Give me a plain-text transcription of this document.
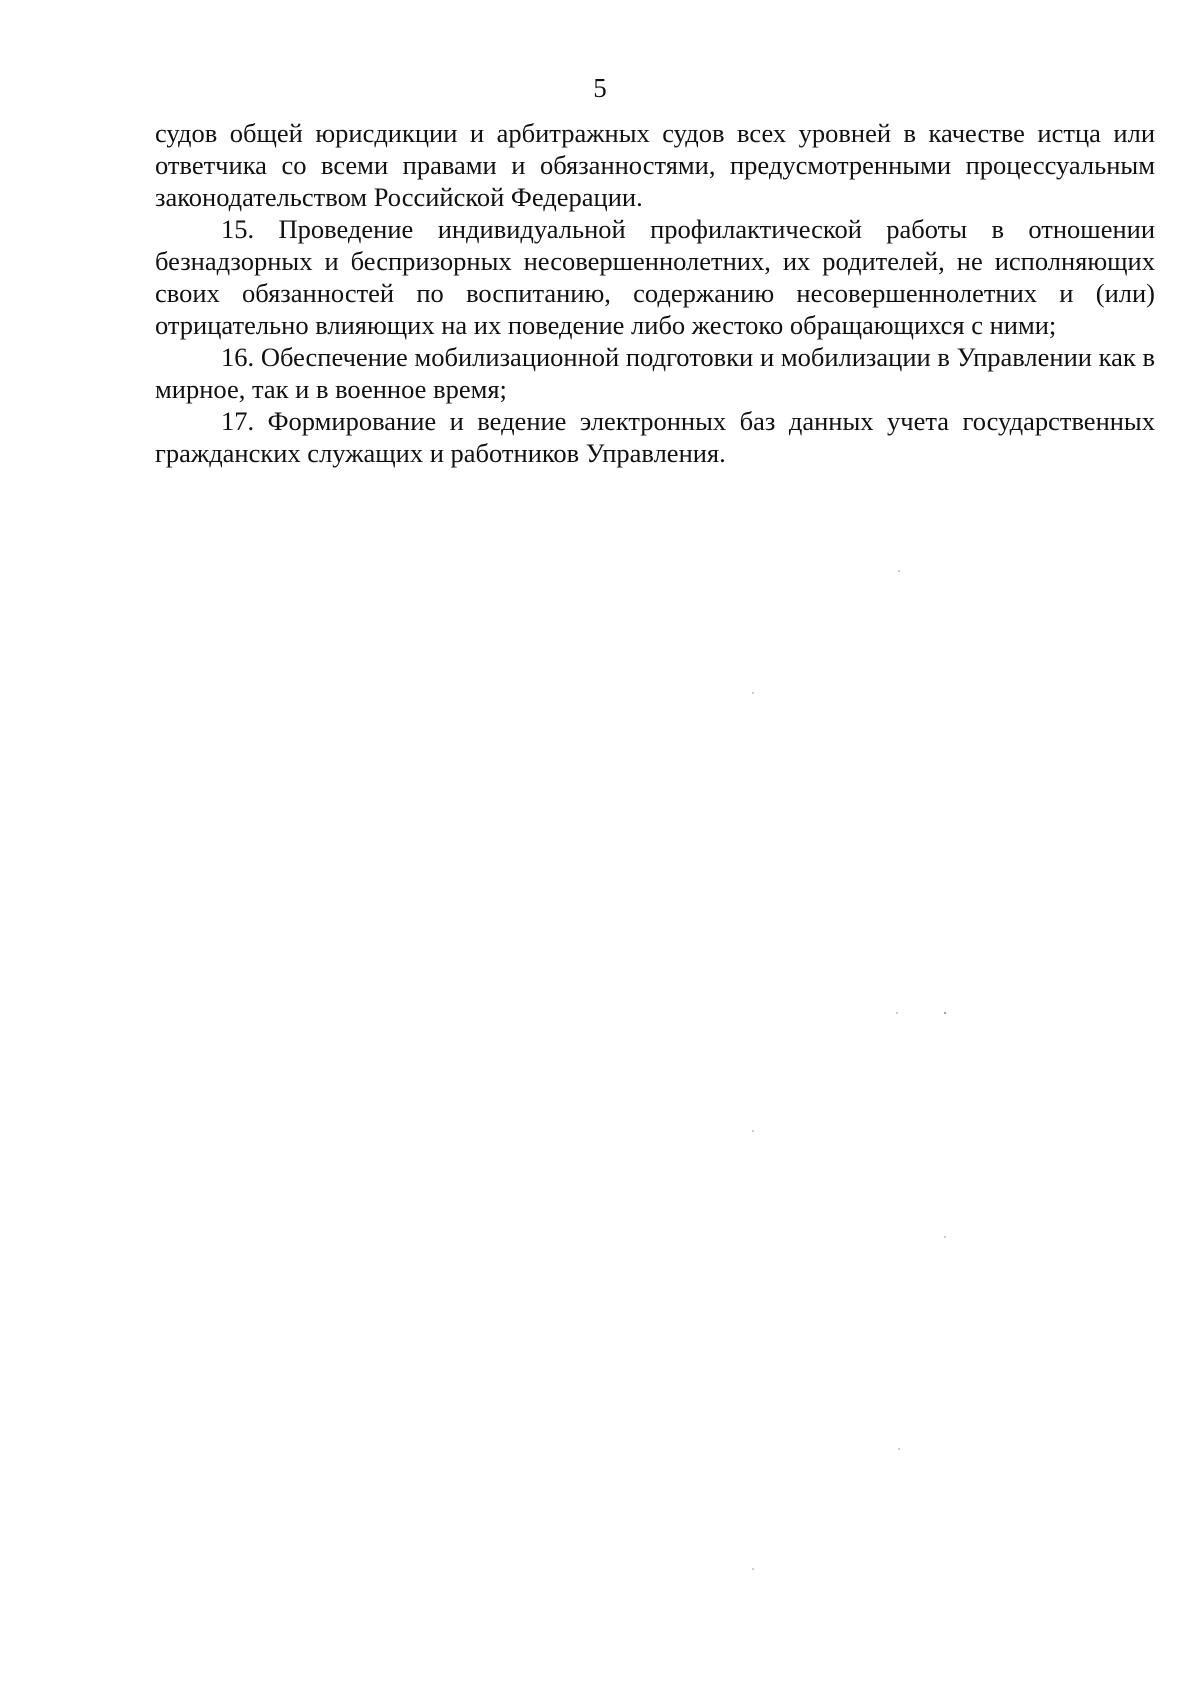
5

судов общей юрисдикции и арбитражных судов всех уровней в качестве истца или ответчика со всеми правами и обязанностями, предусмотренными процессуальным законодательством Российской Федерации.

15. Проведение индивидуальной профилактической работы в отношении безнадзорных и беспризорных несовершеннолетних, их родителей, не исполняющих своих обязанностей по воспитанию, содержанию несовершеннолетних и (или) отрицательно влияющих на их поведение либо жестоко обращающихся с ними;

16. Обеспечение мобилизационной подготовки и мобилизации в Управлении как в мирное, так и в военное время;

17. Формирование и ведение электронных баз данных учета государственных гражданских служащих и работников Управления.
